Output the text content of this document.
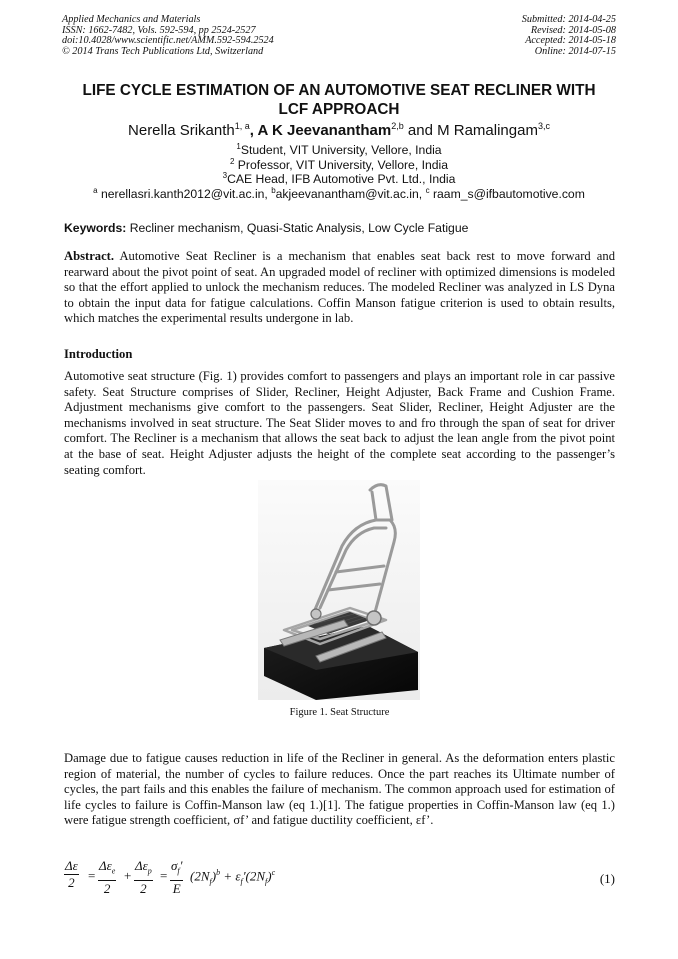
Applied Mechanics and Materials
ISSN: 1662-7482, Vols. 592-594, pp 2524-2527
doi:10.4028/www.scientific.net/AMM.592-594.2524
© 2014 Trans Tech Publications Ltd, Switzerland
Submitted: 2014-04-25
Revised: 2014-05-08
Accepted: 2014-05-18
Online: 2014-07-15
LIFE CYCLE ESTIMATION OF AN AUTOMOTIVE SEAT RECLINER WITH
LCF APPROACH
Nerella Srikanth$^{1, a}$, A K Jeevanantham$^{2,b}$ and M Ramalingam$^{3,c}$
$^1$Student, VIT University, Vellore, India
$^2$ Professor, VIT University, Vellore, India
$^3$CAE Head, IFB Automotive Pvt. Ltd., India
$^a$ nerellasri.kanth2012@vit.ac.in, $^b$akjeevanantham@vit.ac.in, $^c$ raam_s@ifbautomotive.com
Keywords: Recliner mechanism, Quasi-Static Analysis, Low Cycle Fatigue
Abstract. Automotive Seat Recliner is a mechanism that enables seat back rest to move forward and rearward about the pivot point of seat. An upgraded model of recliner with optimized dimensions is modeled so that the effort applied to unlock the mechanism reduces. The modeled Recliner was analyzed in LS Dyna to obtain the input data for fatigue calculations. Coffin Manson fatigue criterion is used to obtain results, which matches the experimental results undergone in lab.
Introduction
Automotive seat structure (Fig. 1) provides comfort to passengers and plays an important role in car passive safety. Seat Structure comprises of Slider, Recliner, Height Adjuster, Back Frame and Cushion Frame. Adjustment mechanisms give comfort to the passengers. Seat Slider, Recliner, Height Adjuster are the mechanisms involved in seat structure. The Seat Slider moves to and fro through the span of seat for driver comfort. The Recliner is a mechanism that allows the seat back to adjust the lean angle from the pivot point at the base of seat. Height Adjuster adjusts the height of the complete seat according to the passenger’s seating comfort.
Figure 1. Seat Structure
Damage due to fatigue causes reduction in life of the Recliner in general. As the deformation enters plastic region of material, the number of cycles to failure reduces. Once the part reaches its Ultimate number of cycles, the part fails and this enables the failure of mechanism. The common approach used for estimation of life cycles to failure is Coffin-Manson law (eq 1.)[1]. The fatigue properties in Coffin-Manson law (eq 1.) were fatigue strength coefficient, σf’ and fatigue ductility coefficient, εf’.
$\frac{\Delta\varepsilon}{2}$ =
$\Delta\varepsilon_e$
2
+
$\Delta\varepsilon_p$
2
= $\frac{\sigma_f'}{E} (2N_f)^b + \varepsilon_f'(2N_f)^c$	(1)
